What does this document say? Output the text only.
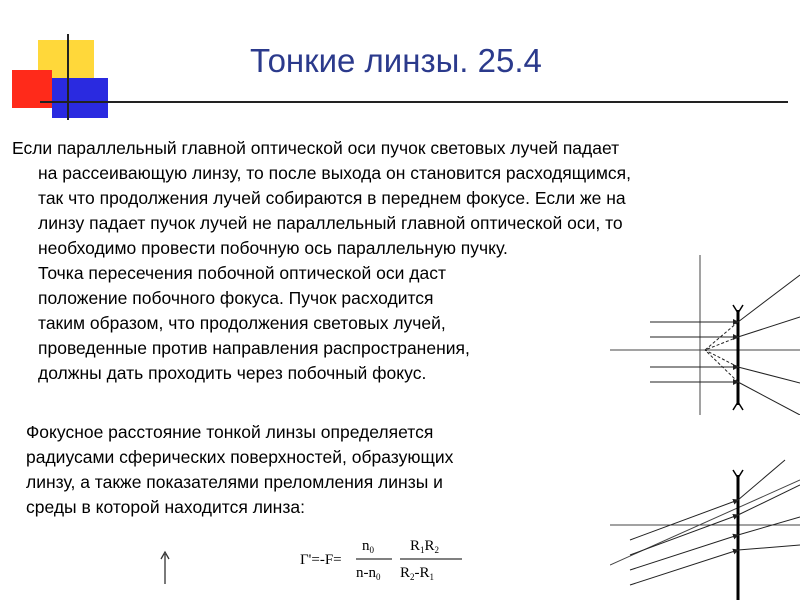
Тонкие линзы. 25.4
Если параллельный главной оптической оси пучок световых лучей падает
на рассеивающую линзу, то после выхода он становится расходящимся,
так что продолжения лучей собираются в переднем фокусе. Если же на
линзу падает пучок лучей не параллельный главной оптической оси, то
необходимо провести побочную ось параллельную пучку.
Точка пересечения побочной оптической оси даст
положение побочного фокуса. Пучок расходится
таким образом, что продолжения световых лучей,
проведенные против направления распространения,
должны дать проходить через побочный фокус.
Фокусное расстояние тонкой линзы определяется
радиусами сферических поверхностей, образующих
линзу, а также показателями преломления линзы и
среды в которой находится линза:
Г'=-F=
$n_0$
$n-n_0$
$R_1R_2$
$R_2-R_1$
